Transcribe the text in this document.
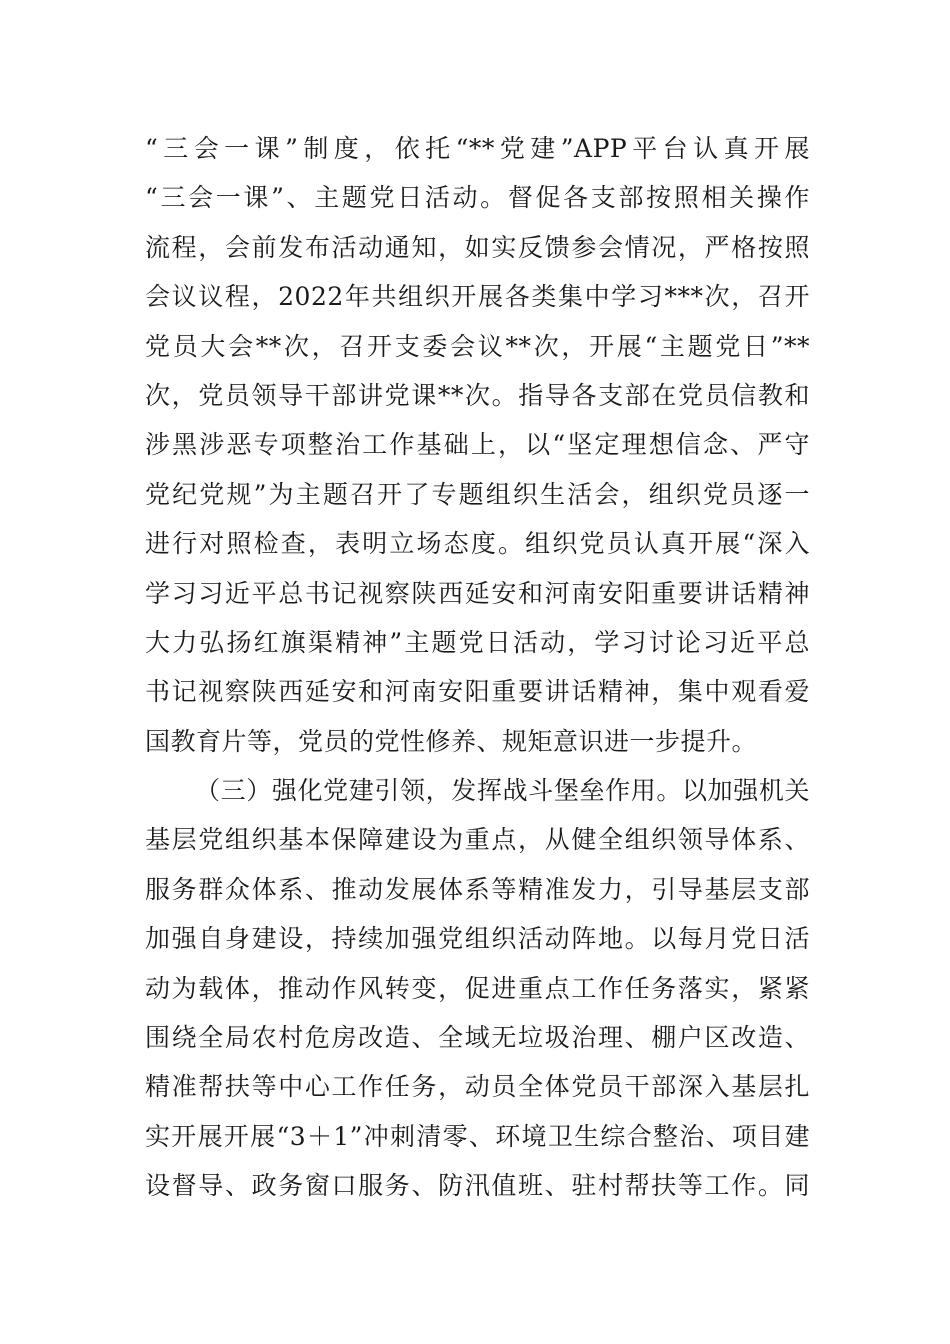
“三会一课”制度，依托“**党建”APP平台认真开展
“三会一课”、主题党日活动。督促各支部按照相关操作
流程，会前发布活动通知，如实反馈参会情况，严格按照
会议议程，2022年共组织开展各类集中学习***次，召开
党员大会**次，召开支委会议**次，开展“主题党日”**
次，党员领导干部讲党课**次。指导各支部在党员信教和
涉黑涉恶专项整治工作基础上，以“坚定理想信念、严守
党纪党规”为主题召开了专题组织生活会，组织党员逐一
进行对照检查，表明立场态度。组织党员认真开展“深入
学习习近平总书记视察陕西延安和河南安阳重要讲话精神
大力弘扬红旗渠精神”主题党日活动，学习讨论习近平总
书记视察陕西延安和河南安阳重要讲话精神，集中观看爱
国教育片等，党员的党性修养、规矩意识进一步提升。
（三）强化党建引领，发挥战斗堡垒作用。以加强机关
基层党组织基本保障建设为重点，从健全组织领导体系、
服务群众体系、推动发展体系等精准发力，引导基层支部
加强自身建设，持续加强党组织活动阵地。以每月党日活
动为载体，推动作风转变，促进重点工作任务落实，紧紧
围绕全局农村危房改造、全域无垃圾治理、棚户区改造、
精准帮扶等中心工作任务，动员全体党员干部深入基层扎
实开展开展“3＋1”冲刺清零、环境卫生综合整治、项目建
设督导、政务窗口服务、防汛值班、驻村帮扶等工作。同
